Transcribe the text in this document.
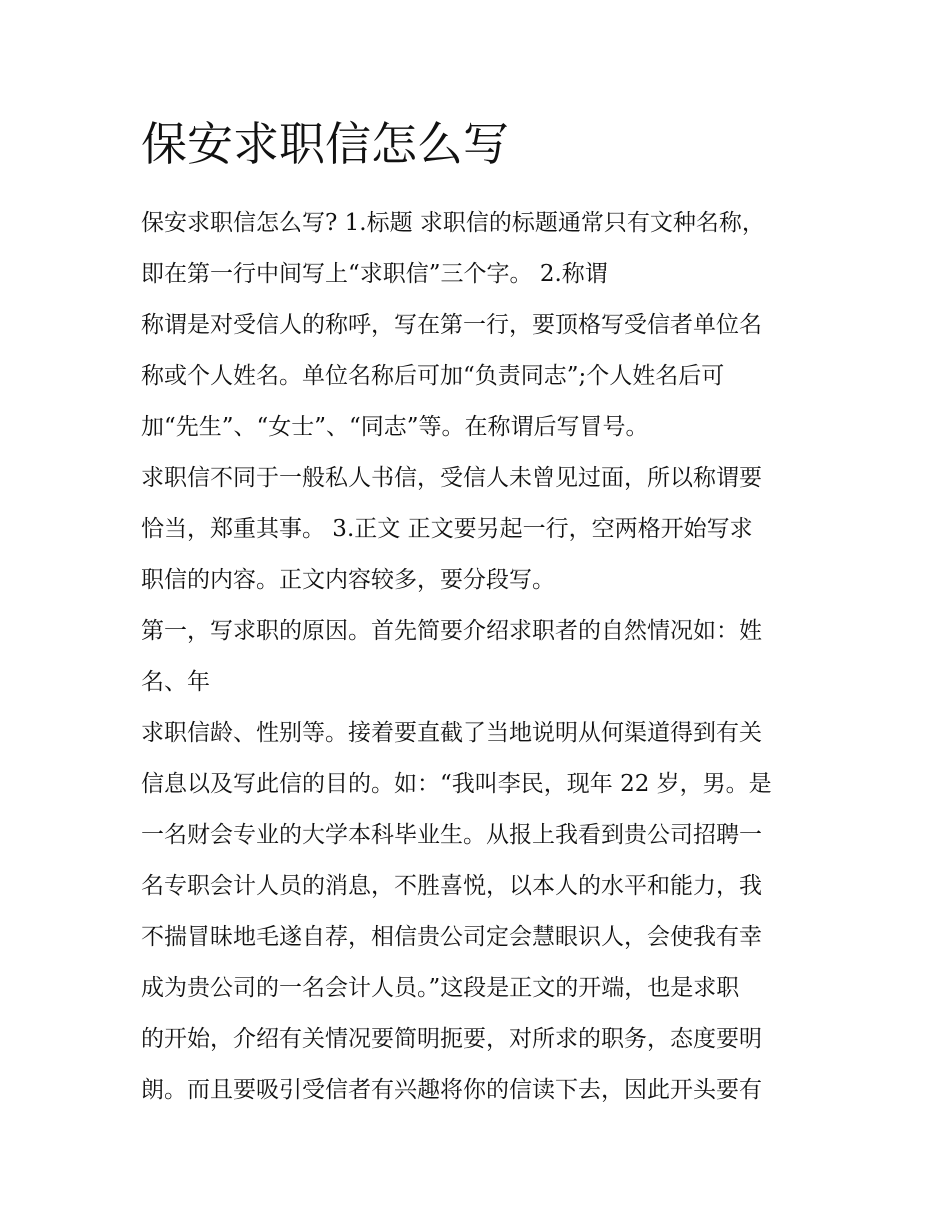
保安求职信怎么写
保安求职信怎么写? 1.标题 求职信的标题通常只有文种名称，
即在第一行中间写上“求职信”三个字。 2.称谓
称谓是对受信人的称呼，写在第一行，要顶格写受信者单位名
称或个人姓名。单位名称后可加“负责同志”;个人姓名后可
加“先生”、“女士”、“同志”等。在称谓后写冒号。
求职信不同于一般私人书信，受信人未曾见过面，所以称谓要
恰当，郑重其事。 3.正文 正文要另起一行，空两格开始写求
职信的内容。正文内容较多，要分段写。
第一，写求职的原因。首先简要介绍求职者的自然情况如：姓
名、年
求职信龄、性别等。接着要直截了当地说明从何渠道得到有关
信息以及写此信的目的。如：“我叫李民，现年 22 岁，男。是
一名财会专业的大学本科毕业生。从报上我看到贵公司招聘一
名专职会计人员的消息，不胜喜悦，以本人的水平和能力，我
不揣冒昧地毛遂自荐，相信贵公司定会慧眼识人，会使我有幸
成为贵公司的一名会计人员。”这段是正文的开端，也是求职
的开始，介绍有关情况要简明扼要，对所求的职务，态度要明
朗。而且要吸引受信者有兴趣将你的信读下去，因此开头要有
